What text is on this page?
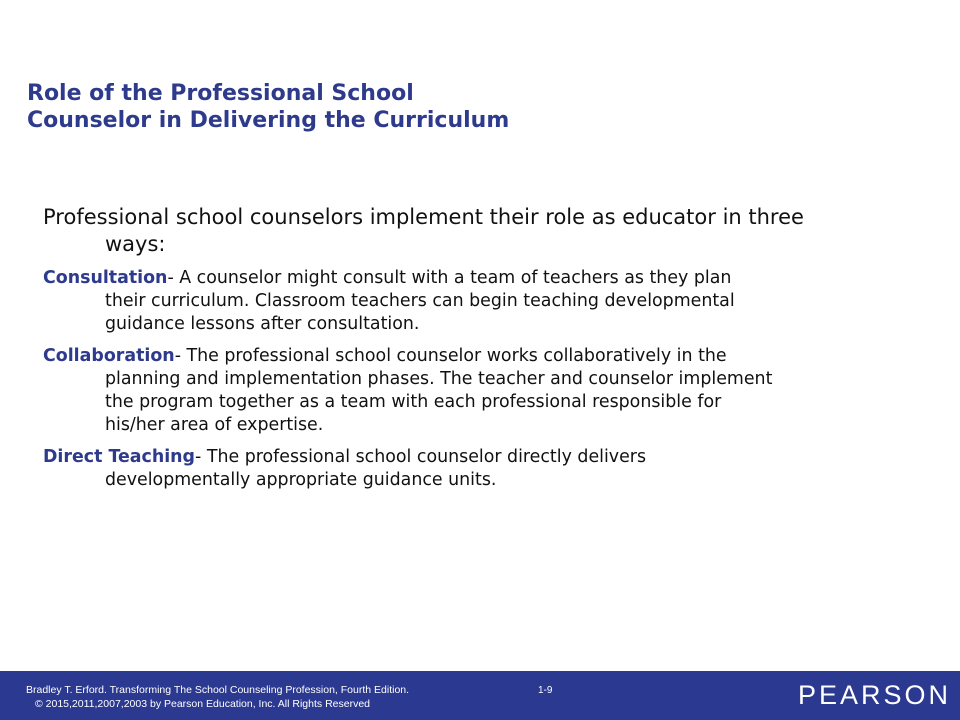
Role of the Professional School
Counselor in Delivering the Curriculum

Professional school counselors implement their role as educator in three
ways:

Consultation- A counselor might consult with a team of teachers as they plan
their curriculum. Classroom teachers can begin teaching developmental
guidance lessons after consultation.

Collaboration- The professional school counselor works collaboratively in the
planning and implementation phases. The teacher and counselor implement
the program together as a team with each professional responsible for
his/her area of expertise.

Direct Teaching- The professional school counselor directly delivers
developmentally appropriate guidance units.

Bradley T. Erford. Transforming The School Counseling Profession, Fourth Edition.
© 2015,2011,2007,2003 by Pearson Education, Inc. All Rights Reserved
1-9	PEARSON
